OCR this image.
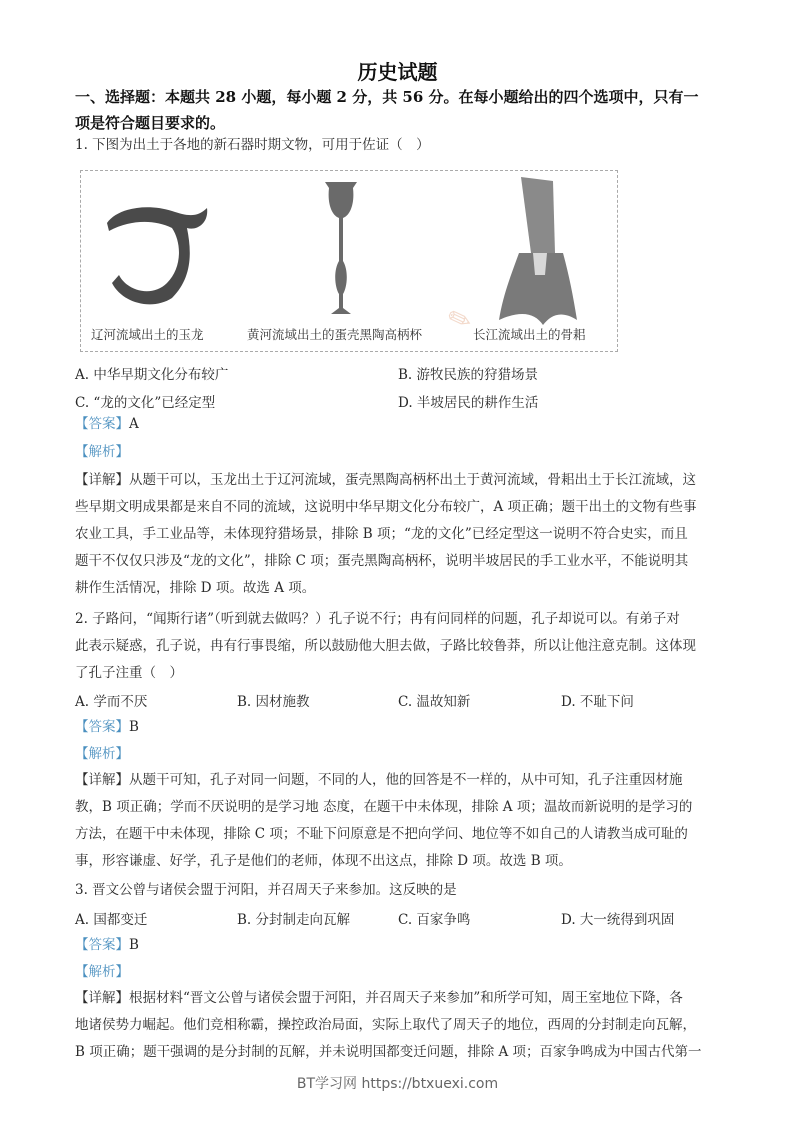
历史试题
一、选择题：本题共 28 小题，每小题 2 分，共 56 分。在每小题给出的四个选项中，只有一
项是符合题目要求的。
1. 下图为出土于各地的新石器时期文物，可用于佐证（　）
辽河流域出土的玉龙	黄河流域出土的蛋壳黑陶高柄杯	长江流域出土的骨耜
✎
A. 中华早期文化分布较广	B. 游牧民族的狩猎场景
C. “龙的文化”已经定型	D. 半坡居民的耕作生活
【答案】A
【解析】
【详解】从题干可以，玉龙出土于辽河流域，蛋壳黑陶高柄杯出土于黄河流域，骨耜出土于长江流域，这
些早期文明成果都是来自不同的流域，这说明中华早期文化分布较广，A 项正确；题干出土的文物有些事
农业工具，手工业品等，未体现狩猎场景，排除 B 项；“龙的文化”已经定型这一说明不符合史实，而且
题干不仅仅只涉及“龙的文化”，排除 C 项；蛋壳黑陶高柄杯，说明半坡居民的手工业水平，不能说明其
耕作生活情况，排除 D 项。故选 A 项。
2. 子路问，“闻斯行诸”（听到就去做吗？）孔子说不行；冉有问同样的问题，孔子却说可以。有弟子对
此表示疑惑，孔子说，冉有行事畏缩，所以鼓励他大胆去做，子路比较鲁莽，所以让他注意克制。这体现
了孔子注重（　）
A. 学而不厌	B. 因材施教	C. 温故知新	D. 不耻下问
【答案】B
【解析】
【详解】从题干可知，孔子对同一问题，不同的人，他的回答是不一样的，从中可知，孔子注重因材施
教，B 项正确；学而不厌说明的是学习地 态度，在题干中未体现，排除 A 项；温故而新说明的是学习的
方法，在题干中未体现，排除 C 项；不耻下问原意是不把向学问、地位等不如自己的人请教当成可耻的
事，形容谦虚、好学，孔子是他们的老师，体现不出这点，排除 D 项。故选 B 项。
3. 晋文公曾与诸侯会盟于河阳，并召周天子来参加。这反映的是
A. 国都变迁	B. 分封制走向瓦解	C. 百家争鸣	D. 大一统得到巩固
【答案】B
【解析】
【详解】根据材料“晋文公曾与诸侯会盟于河阳，并召周天子来参加”和所学可知，周王室地位下降，各
地诸侯势力崛起。他们竞相称霸，操控政治局面，实际上取代了周天子的地位，西周的分封制走向瓦解，
B 项正确；题干强调的是分封制的瓦解，并未说明国都变迁问题，排除 A 项；百家争鸣成为中国古代第一
BT学习网 https://btxuexi.com
